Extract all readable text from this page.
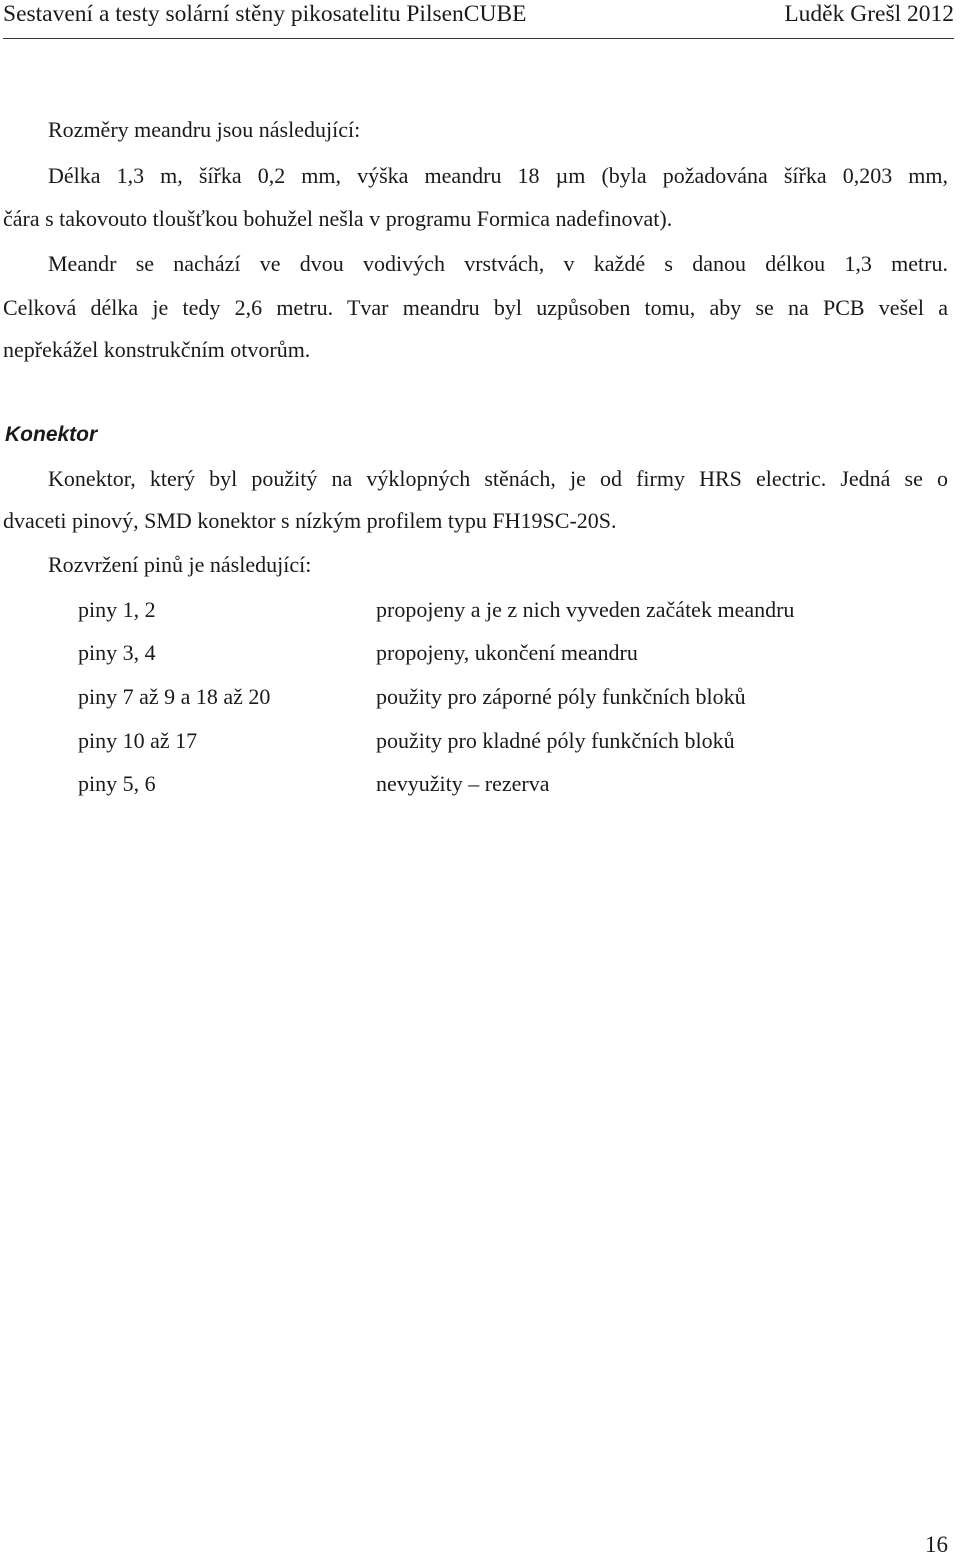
Sestavení a testy solární stěny pikosatelitu PilsenCUBE	Luděk Grešl 2012
Rozměry meandru jsou následující:
Délka 1,3 m, šířka 0,2 mm, výška meandru 18 µm (byla požadována šířka 0,203 mm,
čára s takovouto tloušťkou bohužel nešla v programu Formica nadefinovat).
Meandr se nachází ve dvou vodivých vrstvách, v každé s danou délkou 1,3 metru.
Celková délka je tedy 2,6 metru. Tvar meandru byl uzpůsoben tomu, aby se na PCB vešel a
nepřekážel konstrukčním otvorům.
Konektor
Konektor, který byl použitý na výklopných stěnách, je od firmy HRS electric. Jedná se o
dvaceti pinový, SMD konektor s nízkým profilem typu FH19SC-20S.
Rozvržení pinů je následující:
piny 1, 2	propojeny a je z nich vyveden začátek meandru
piny 3, 4	propojeny, ukončení meandru
piny 7 až 9 a 18 až 20	použity pro záporné póly funkčních bloků
piny 10 až 17	použity pro kladné póly funkčních bloků
piny 5, 6	nevyužity – rezerva
16
